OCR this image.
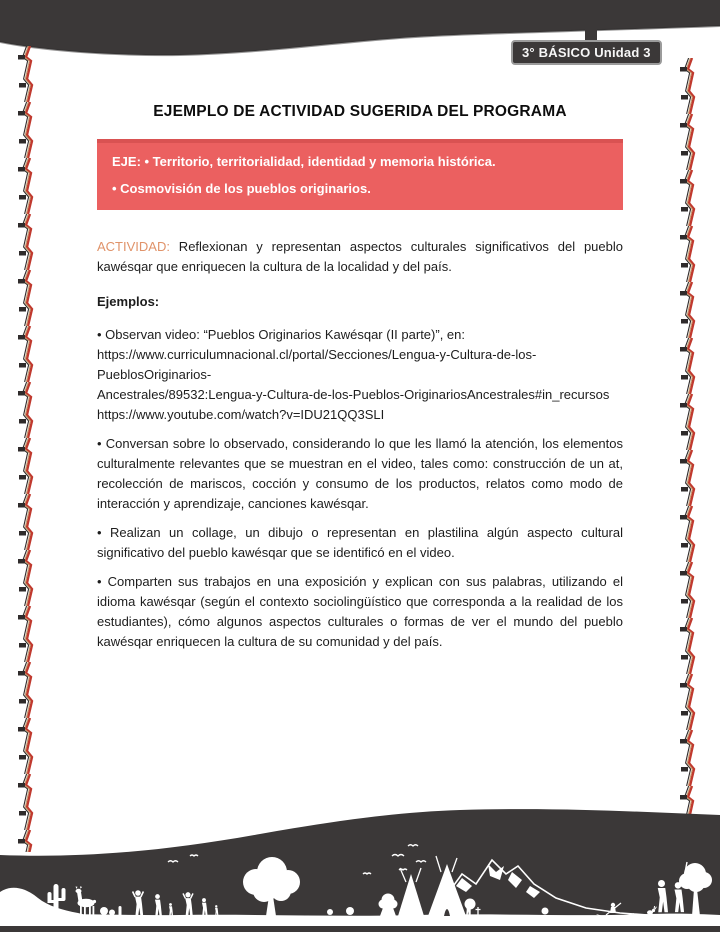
3° BÁSICO Unidad 3
EJEMPLO DE ACTIVIDAD SUGERIDA DEL PROGRAMA

EJE: • Territorio, territorialidad, identidad y memoria histórica.

• Cosmovisión de los pueblos originarios.

ACTIVIDAD: Reflexionan y representan aspectos culturales significativos del pueblo kawésqar que enriquecen la cultura de la localidad y del país.

Ejemplos:

• Observan video: “Pueblos Originarios Kawésqar (II parte)”, en:
https://www.curriculumnacional.cl/portal/Secciones/Lengua-y-Cultura-de-los-PueblosOriginarios-
Ancestrales/89532:Lengua-y-Cultura-de-los-Pueblos-OriginariosAncestrales#in_recursos
https://www.youtube.com/watch?v=IDU21QQ3SLI

• Conversan sobre lo observado, considerando lo que les llamó la atención, los elementos culturalmente relevantes que se muestran en el video, tales como: construcción de un at, recolección de mariscos, cocción y consumo de los productos, relatos como modo de interacción y aprendizaje, canciones kawésqar.

• Realizan un collage, un dibujo o representan en plastilina algún aspecto cultural significativo del pueblo kawésqar que se identificó en el video.

• Comparten sus trabajos en una exposición y explican con sus palabras, utilizando el idioma kawésqar (según el contexto sociolingüístico que corresponda a la realidad de los estudiantes), cómo algunos aspectos culturales o formas de ver el mundo del pueblo kawésqar enriquecen la cultura de su comunidad y del país.
